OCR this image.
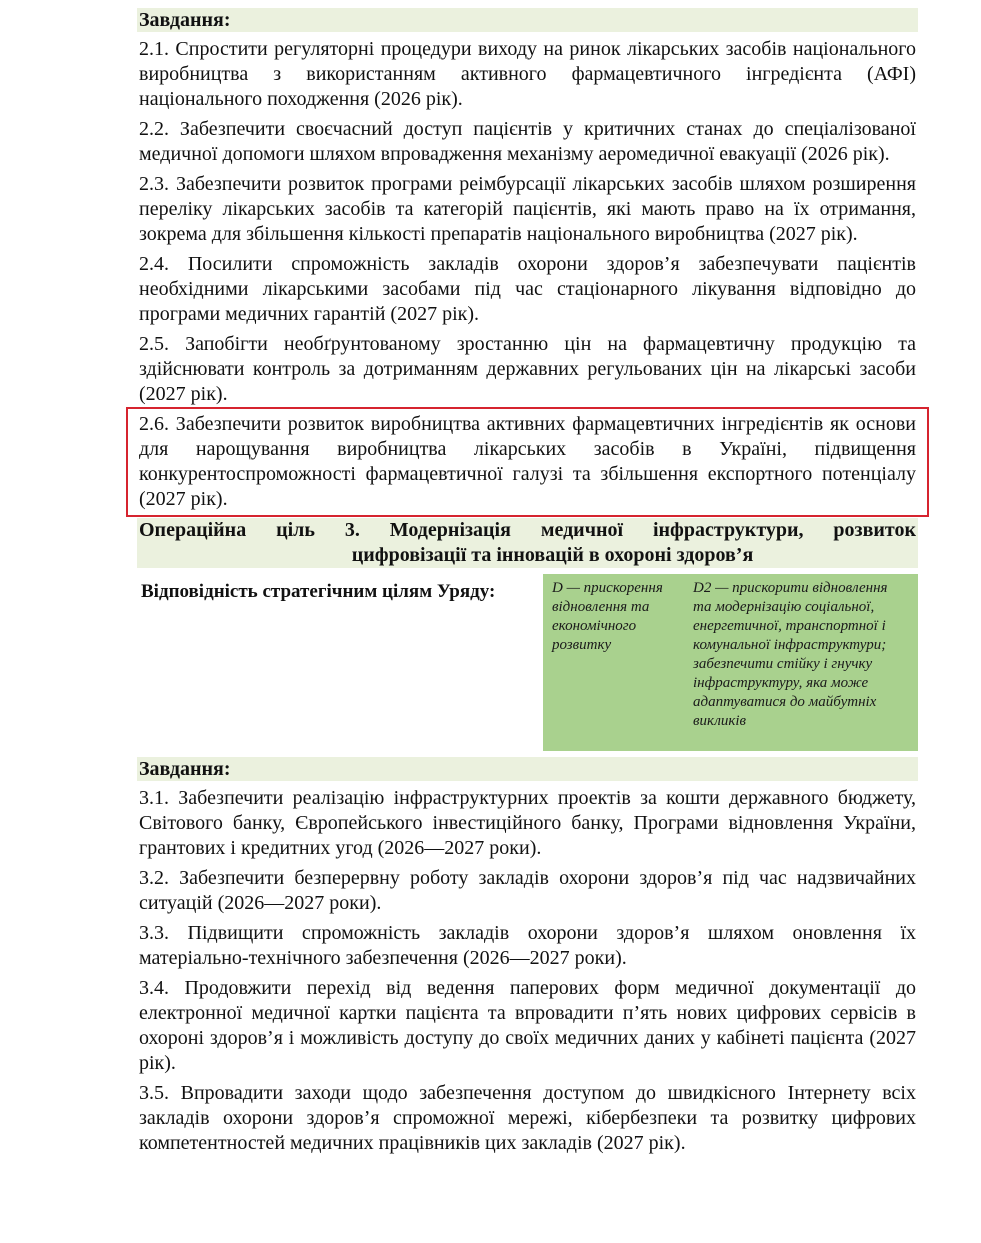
Завдання:

2.1. Спростити регуляторні процедури виходу на ринок лікарських засобів національного виробництва з використанням активного фармацевтичного інгредієнта (АФІ) національного походження (2026 рік).

2.2. Забезпечити своєчасний доступ пацієнтів у критичних станах до спеціалізованої медичної допомоги шляхом впровадження механізму аеромедичної евакуації (2026 рік).

2.3. Забезпечити розвиток програми реімбурсації лікарських засобів шляхом розширення переліку лікарських засобів та категорій пацієнтів, які мають право на їх отримання, зокрема для збільшення кількості препаратів національного виробництва (2027 рік).

2.4. Посилити спроможність закладів охорони здоров’я забезпечувати пацієнтів необхідними лікарськими засобами під час стаціонарного лікування відповідно до програми медичних гарантій (2027 рік).

2.5. Запобігти необґрунтованому зростанню цін на фармацевтичну продукцію та здійснювати контроль за дотриманням державних регульованих цін на лікарські засоби (2027 рік).

2.6. Забезпечити розвиток виробництва активних фармацевтичних інгредієнтів як основи для нарощування виробництва лікарських засобів в Україні, підвищення конкурентоспроможності фармацевтичної галузі та збільшення експортного потенціалу (2027 рік).

Операційна ціль 3. Модернізація медичної інфраструктури, розвиток
цифровізації та інновацій в охороні здоров’я
Відповідність стратегічним цілям Уряду:	D — прискорення відновлення та економічного розвитку
D2 — прискорити відновлення та модернізацію соціальної, енергетичної, транспортної і комунальної інфраструктури; забезпечити стійку і гнучку інфраструктуру, яка може адаптуватися до майбутніх викликів
Завдання:

3.1. Забезпечити реалізацію інфраструктурних проектів за кошти державного бюджету, Світового банку, Європейського інвестиційного банку, Програми відновлення України, грантових і кредитних угод (2026—2027 роки).

3.2. Забезпечити безперервну роботу закладів охорони здоров’я під час надзвичайних ситуацій (2026—2027 роки).

3.3. Підвищити спроможність закладів охорони здоров’я шляхом оновлення їх матеріально-технічного забезпечення (2026—2027 роки).

3.4. Продовжити перехід від ведення паперових форм медичної документації до електронної медичної картки пацієнта та впровадити п’ять нових цифрових сервісів в охороні здоров’я і можливість доступу до своїх медичних даних у кабінеті пацієнта (2027 рік).

3.5. Впровадити заходи щодо забезпечення доступом до швидкісного Інтернету всіх закладів охорони здоров’я спроможної мережі, кібербезпеки та розвитку цифрових компетентностей медичних працівників цих закладів (2027 рік).
